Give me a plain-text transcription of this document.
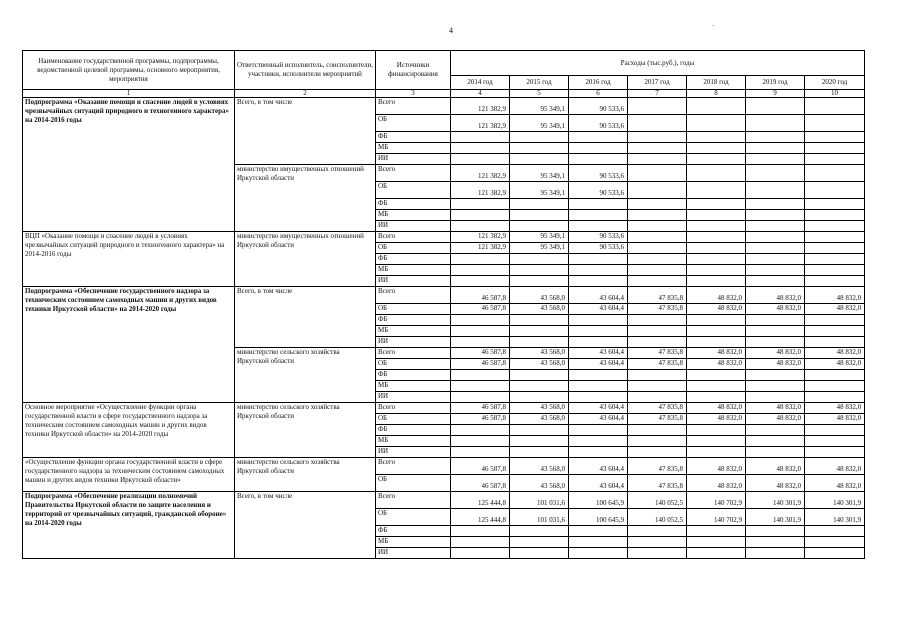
4	·
Наименование государственной программы, подпрограммы, ведомственной целевой программы, основного мероприятия, мероприятия	Ответственный исполнитель, соисполнители, участники, исполнители мероприятий	Источники финансирования	Расходы (тыс.руб.), годы						
			2014 год	2015 год	2016 год	2017 год	2018 год	2019 год	2020 год
1	2	3	4	5	6	7	8	9	10
Подпрограмма «Оказание помощи и спасение людей в условиях чрезвычайных ситуаций природного и техногенного характера» на 2014-2016 годы	Всего, в том числе	Всего	121 382,9	95 349,1	90 533,6				
		ОБ	121 382,9	95 349,1	90 533,6				
		ФБ							
		МБ							
		ИИ							
	министерство имущественных отношений Иркутской области	Всего	121 382,9	95 349,1	90 533,6				
		ОБ	121 382,9	95 349,1	90 533,6				
		ФБ							
		МБ							
		ИИ							
ВЦП «Оказание помощи и спасение людей в условиях чрезвычайных ситуаций природного и техногенного характера» на 2014-2016 годы	министерство имущественных отношений Иркутской области	Всего	121 382,9	95 349,1	90 533,6				
		ОБ	121 382,9	95 349,1	90 533,6				
		ФБ							
		МБ							
		ИИ							
Подпрограмма «Обеспечение государственного надзора за техническим состоянием самоходных машин и других видов техники Иркутской области» на 2014-2020 годы	Всего, в том числе	Всего	46 587,8	43 568,0	43 604,4	47 835,8	48 832,0	48 832,0	48 832,0
		ОБ	46 587,8	43 568,0	43 604,4	47 835,8	48 832,0	48 832,0	48 832,0
		ФБ							
		МБ							
		ИИ							
	министерство сельского хозяйства Иркутской области	Всего	46 587,8	43 568,0	43 604,4	47 835,8	48 832,0	48 832,0	48 832,0
		ОБ	46 587,8	43 568,0	43 604,4	47 835,8	48 832,0	48 832,0	48 832,0
		ФБ							
		МБ							
		ИИ							
Основное мероприятие «Осуществление функции органа государственной власти в сфере государственного надзора за техническим состоянием самоходных машин и других видов техники Иркутской области» на 2014-2020 годы	министерство сельского хозяйства Иркутской области	Всего	46 587,8	43 568,0	43 604,4	47 835,8	48 832,0	48 832,0	48 832,0
		ОБ	46 587,8	43 568,0	43 604,4	47 835,8	48 832,0	48 832,0	48 832,0
		ФБ							
		МБ							
		ИИ							
«Осуществление функции органа государственной власти в сфере государственного надзора за техническим состоянием самоходных машин и других видов техники Иркутской области»	министерство сельского хозяйства Иркутской области	Всего	46 587,8	43 568,0	43 604,4	47 835,8	48 832,0	48 832,0	48 832,0
		ОБ	46 587,8	43 568,0	43 604,4	47 835,8	48 832,0	48 832,0	48 832,0
Подпрограмма «Обеспечение реализации полномочий Правительства Иркутской области по защите населения и территорий от чрезвычайных ситуаций, гражданской обороне» на 2014-2020 годы	Всего, в том числе	Всего	125 444,8	101 031,6	100 645,9	140 052,5	140 702,9	140 301,9	140 301,9
		ОБ	125 444,8	101 031,6	100 645,9	140 052,5	140 702,9	140 301,9	140 301,9
		ФБ							
		МБ							
		ИИ							
